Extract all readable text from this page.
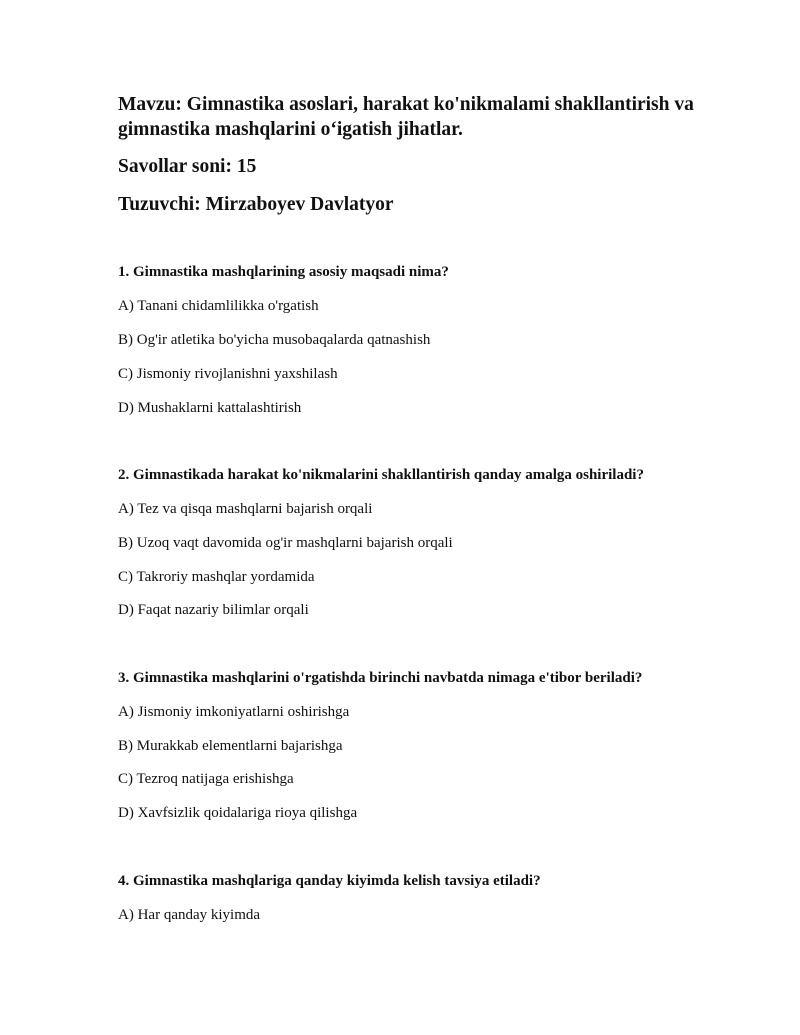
Mavzu: Gimnastika asoslari, harakat ko'nikmalami shakllantirish va

gimnastika mashqlarini o‘igatish jihatlar.

Savollar soni: 15

Tuzuvchi: Mirzaboyev Davlatyor

1. Gimnastika mashqlarining asosiy maqsadi nima?

A) Tanani chidamlilikka o'rgatish

B) Og'ir atletika bo'yicha musobaqalarda qatnashish

C) Jismoniy rivojlanishni yaxshilash

D) Mushaklarni kattalashtirish

2. Gimnastikada harakat ko'nikmalarini shakllantirish qanday amalga oshiriladi?

A) Tez va qisqa mashqlarni bajarish orqali

B) Uzoq vaqt davomida og'ir mashqlarni bajarish orqali

C) Takroriy mashqlar yordamida

D) Faqat nazariy bilimlar orqali

3. Gimnastika mashqlarini o'rgatishda birinchi navbatda nimaga e'tibor beriladi?

A) Jismoniy imkoniyatlarni oshirishga

B) Murakkab elementlarni bajarishga

C) Tezroq natijaga erishishga

D) Xavfsizlik qoidalariga rioya qilishga

4. Gimnastika mashqlariga qanday kiyimda kelish tavsiya etiladi?

A) Har qanday kiyimda
